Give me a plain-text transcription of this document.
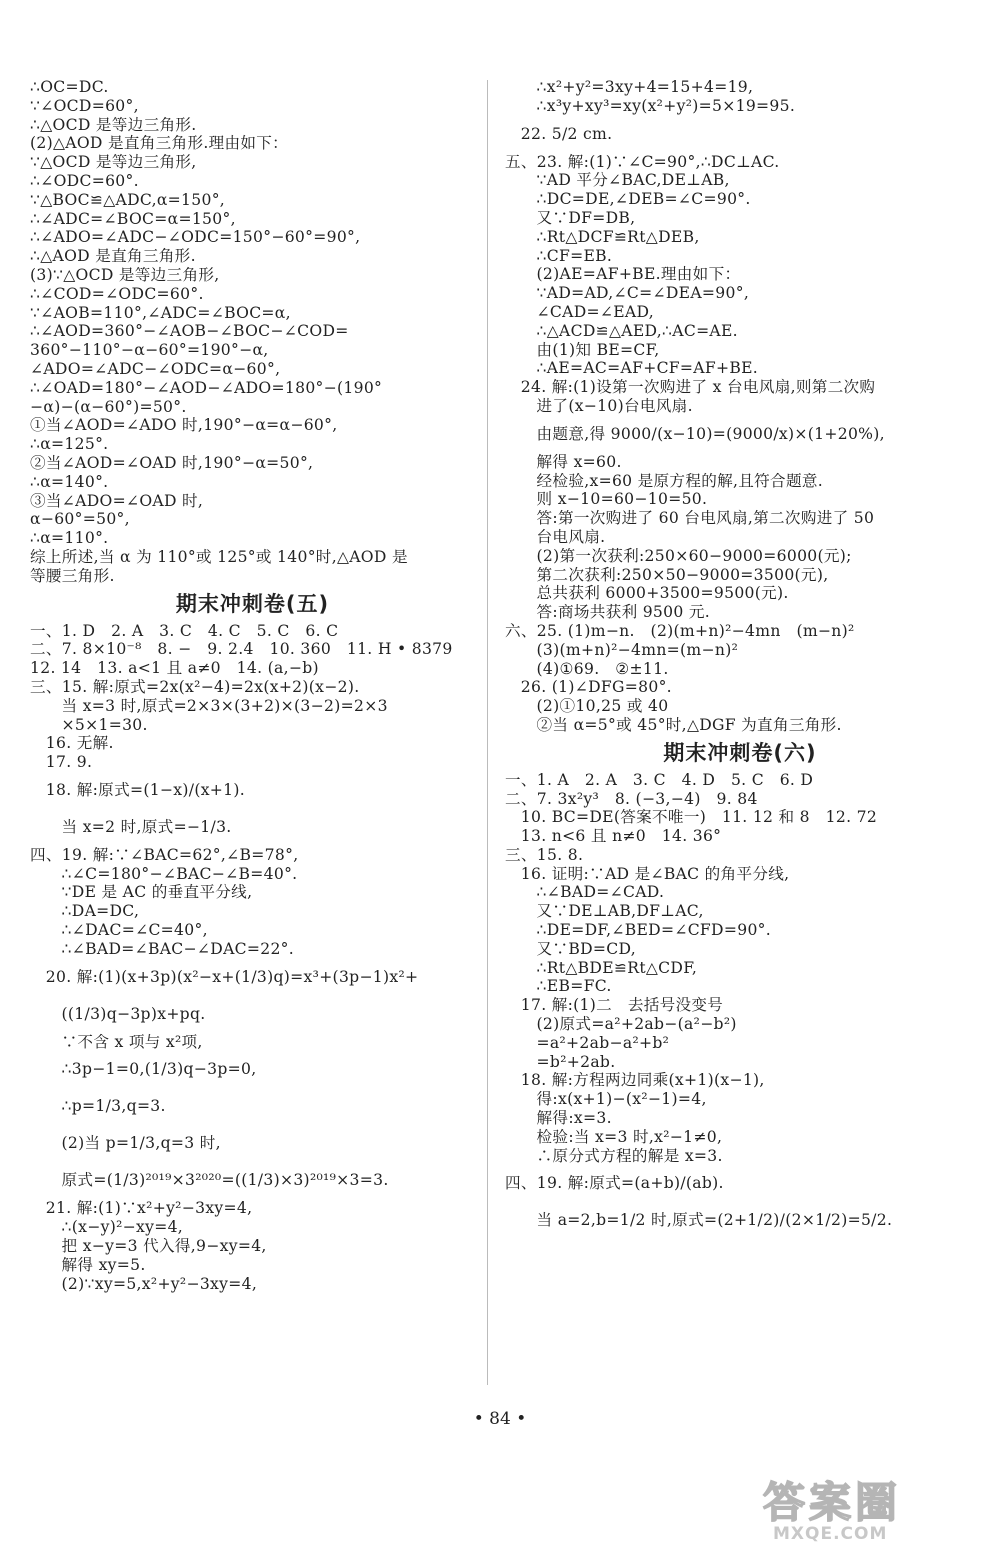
∴OC=DC.
∵∠OCD=60°,
∴△OCD 是等边三角形.
(2)△AOD 是直角三角形.理由如下：
∵△OCD 是等边三角形,
∴∠ODC=60°.
∵△BOC≌△ADC,α=150°,
∴∠ADC=∠BOC=α=150°,
∴∠ADO=∠ADC−∠ODC=150°−60°=90°,
∴△AOD 是直角三角形.
(3)∵△OCD 是等边三角形,
∴∠COD=∠ODC=60°.
∵∠AOB=110°,∠ADC=∠BOC=α,
∴∠AOD=360°−∠AOB−∠BOC−∠COD=
360°−110°−α−60°=190°−α,
∠ADO=∠ADC−∠ODC=α−60°,
∴∠OAD=180°−∠AOD−∠ADO=180°−(190°
−α)−(α−60°)=50°.
①当∠AOD=∠ADO 时,190°−α=α−60°,
∴α=125°.
②当∠AOD=∠OAD 时,190°−α=50°,
∴α=140°.
③当∠ADO=∠OAD 时,
α−60°=50°,
∴α=110°.
综上所述,当 α 为 110°或 125°或 140°时,△AOD 是
等腰三角形.
期末冲刺卷(五)
一、1. D   2. A   3. C   4. C   5. C   6. C
二、7. 8×10⁻⁸   8. −   9. 2.4   10. 360   11. H • 8379
12. 14   13. a<1 且 a≠0   14. (a,−b)
三、15. 解:原式=2x(x²−4)=2x(x+2)(x−2).
当 x=3 时,原式=2×3×(3+2)×(3−2)=2×3
×5×1=30.
16. 无解.
17. 9.
18. 解:原式=(1−x)/(x+1).
当 x=2 时,原式=−1/3.
四、19. 解:∵∠BAC=62°,∠B=78°,
∴∠C=180°−∠BAC−∠B=40°.
∵DE 是 AC 的垂直平分线,
∴DA=DC,
∴∠DAC=∠C=40°,
∴∠BAD=∠BAC−∠DAC=22°.
20. 解:(1)(x+3p)(x²−x+(1/3)q)=x³+(3p−1)x²+
((1/3)q−3p)x+pq.
∵不含 x 项与 x²项,
∴3p−1=0,(1/3)q−3p=0,
∴p=1/3,q=3.
(2)当 p=1/3,q=3 时,
原式=(1/3)²⁰¹⁹×3²⁰²⁰=((1/3)×3)²⁰¹⁹×3=3.
21. 解:(1)∵x²+y²−3xy=4,
∴(x−y)²−xy=4,
把 x−y=3 代入得,9−xy=4,
解得 xy=5.
(2)∵xy=5,x²+y²−3xy=4,
∴x²+y²=3xy+4=15+4=19,
∴x³y+xy³=xy(x²+y²)=5×19=95.
22. 5/2 cm.
五、23. 解:(1)∵∠C=90°,∴DC⊥AC.
∵AD 平分∠BAC,DE⊥AB,
∴DC=DE,∠DEB=∠C=90°.
又∵DF=DB,
∴Rt△DCF≌Rt△DEB,
∴CF=EB.
(2)AE=AF+BE.理由如下：
∵AD=AD,∠C=∠DEA=90°,
∠CAD=∠EAD,
∴△ACD≌△AED,∴AC=AE.
由(1)知 BE=CF,
∴AE=AC=AF+CF=AF+BE.
24. 解:(1)设第一次购进了 x 台电风扇,则第二次购
进了(x−10)台电风扇.
由题意,得 9000/(x−10)=(9000/x)×(1+20%),
解得 x=60.
经检验,x=60 是原方程的解,且符合题意.
则 x−10=60−10=50.
答:第一次购进了 60 台电风扇,第二次购进了 50
台电风扇.
(2)第一次获利:250×60−9000=6000(元);
第二次获利:250×50−9000=3500(元),
总共获利 6000+3500=9500(元).
答:商场共获利 9500 元.
六、25. (1)m−n.   (2)(m+n)²−4mn   (m−n)²
(3)(m+n)²−4mn=(m−n)²
(4)①69.   ②±11.
26. (1)∠DFG=80°.
(2)①10,25 或 40
②当 α=5°或 45°时,△DGF 为直角三角形.
期末冲刺卷(六)
一、1. A   2. A   3. C   4. D   5. C   6. D
二、7. 3x²y³   8. (−3,−4)   9. 84
10. BC=DE(答案不唯一)   11. 12 和 8   12. 72
13. n<6 且 n≠0   14. 36°
三、15. 8.
16. 证明:∵AD 是∠BAC 的角平分线,
∴∠BAD=∠CAD.
又∵DE⊥AB,DF⊥AC,
∴DE=DF,∠BED=∠CFD=90°.
又∵BD=CD,
∴Rt△BDE≌Rt△CDF,
∴EB=FC.
17. 解:(1)二   去括号没变号
(2)原式=a²+2ab−(a²−b²)
=a²+2ab−a²+b²
=b²+2ab.
18. 解:方程两边同乘(x+1)(x−1),
得:x(x+1)−(x²−1)=4,
解得:x=3.
检验:当 x=3 时,x²−1≠0,
∴原分式方程的解是 x=3.
四、19. 解:原式=(a+b)/(ab).
当 a=2,b=1/2 时,原式=(2+1/2)/(2×1/2)=5/2.
• 84 •
答案圈
MXQE.COM
